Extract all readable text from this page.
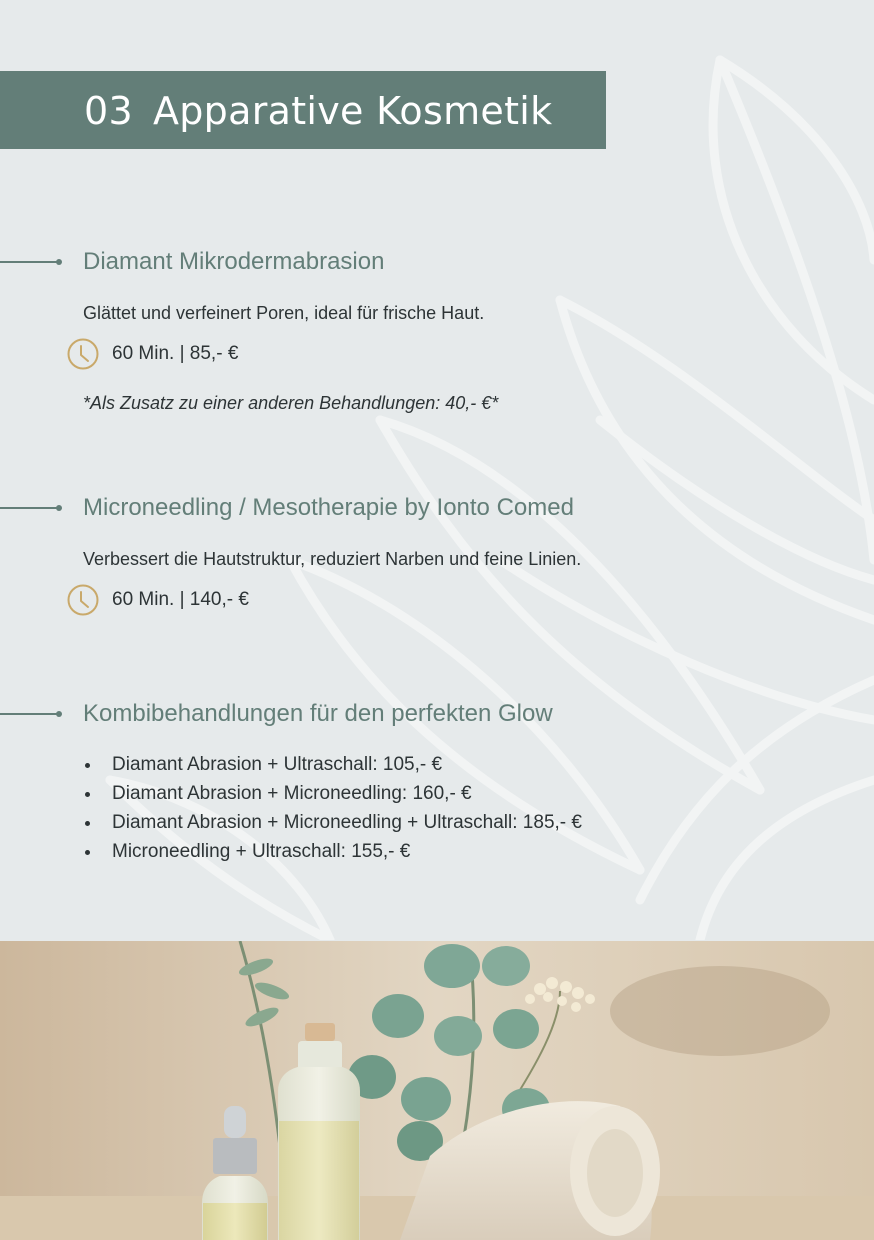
03 Apparative Kosmetik
Diamant Mikrodermabrasion

Glättet und verfeinert Poren, ideal für frische Haut.

60 Min. | 85,- €

*Als Zusatz zu einer anderen Behandlungen: 40,- €*

Microneedling / Mesotherapie by Ionto Comed

Verbessert die Hautstruktur, reduziert Narben und feine Linien.

60 Min. | 140,- €
Kombibehandlungen für den perfekten Glow
Diamant Abrasion + Ultraschall: 105,- €
Diamant Abrasion + Microneedling: 160,- €
Diamant Abrasion + Microneedling + Ultraschall: 185,- €
Microneedling + Ultraschall: 155,- €
